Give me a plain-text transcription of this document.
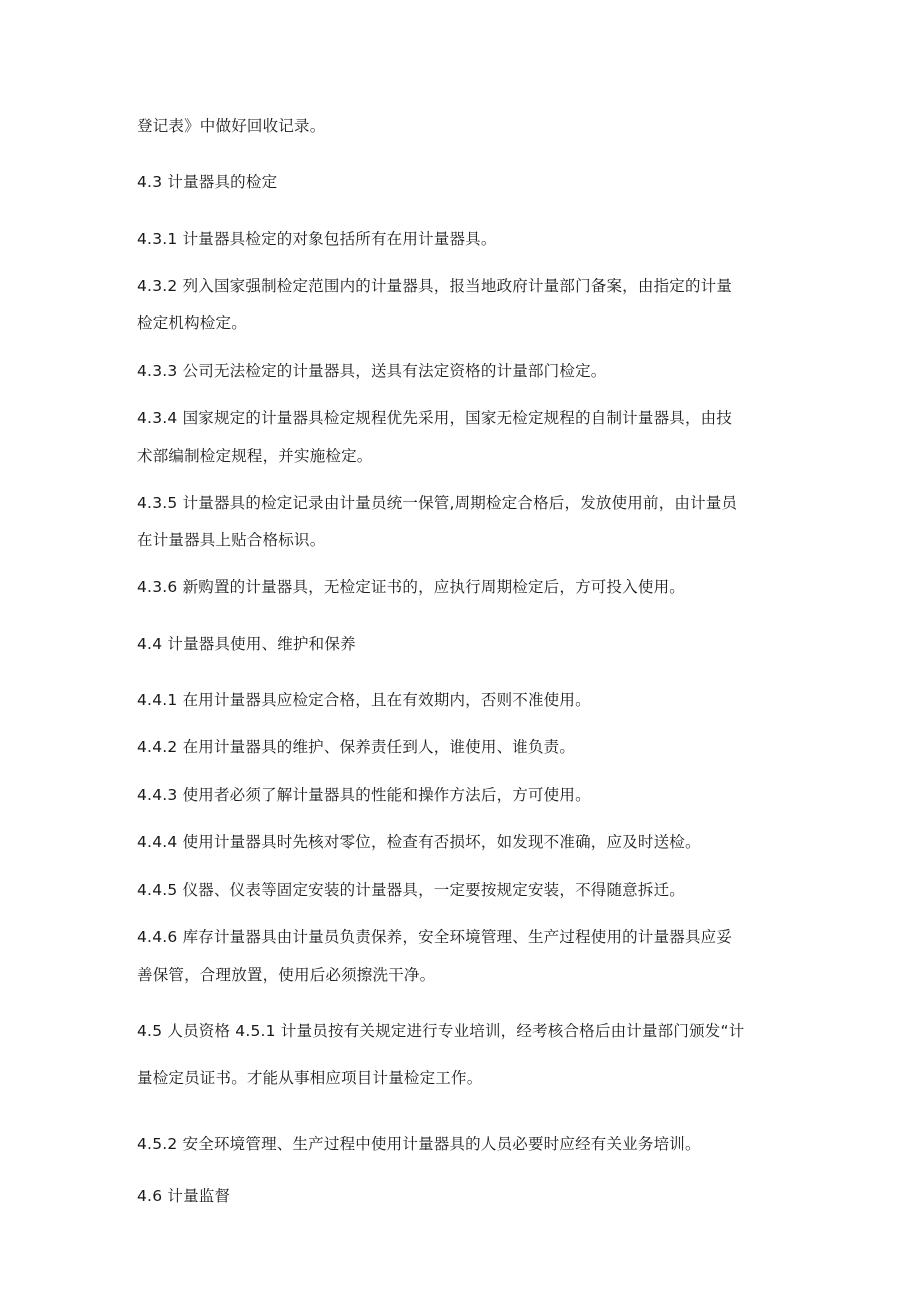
登记表》中做好回收记录。
4.3 计量器具的检定
4.3.1 计量器具检定的对象包括所有在用计量器具。
4.3.2 列入国家强制检定范围内的计量器具，报当地政府计量部门备案，由指定的计量
检定机构检定。
4.3.3 公司无法检定的计量器具，送具有法定资格的计量部门检定。
4.3.4 国家规定的计量器具检定规程优先采用，国家无检定规程的自制计量器具，由技
术部编制检定规程，并实施检定。
4.3.5 计量器具的检定记录由计量员统一保管,周期检定合格后，发放使用前，由计量员
在计量器具上贴合格标识。
4.3.6 新购置的计量器具，无检定证书的，应执行周期检定后，方可投入使用。
4.4 计量器具使用、维护和保养
4.4.1 在用计量器具应检定合格，且在有效期内，否则不准使用。
4.4.2 在用计量器具的维护、保养责任到人，谁使用、谁负责。
4.4.3 使用者必须了解计量器具的性能和操作方法后，方可使用。
4.4.4 使用计量器具时先核对零位，检查有否损坏，如发现不准确，应及时送检。
4.4.5 仪器、仪表等固定安装的计量器具，一定要按规定安装，不得随意拆迁。
4.4.6 库存计量器具由计量员负责保养，安全环境管理、生产过程使用的计量器具应妥
善保管，合理放置，使用后必须擦洗干净。
4.5 人员资格 4.5.1 计量员按有关规定进行专业培训，经考核合格后由计量部门颁发“计
量检定员证书。才能从事相应项目计量检定工作。
4.5.2 安全环境管理、生产过程中使用计量器具的人员必要时应经有关业务培训。
4.6 计量监督
